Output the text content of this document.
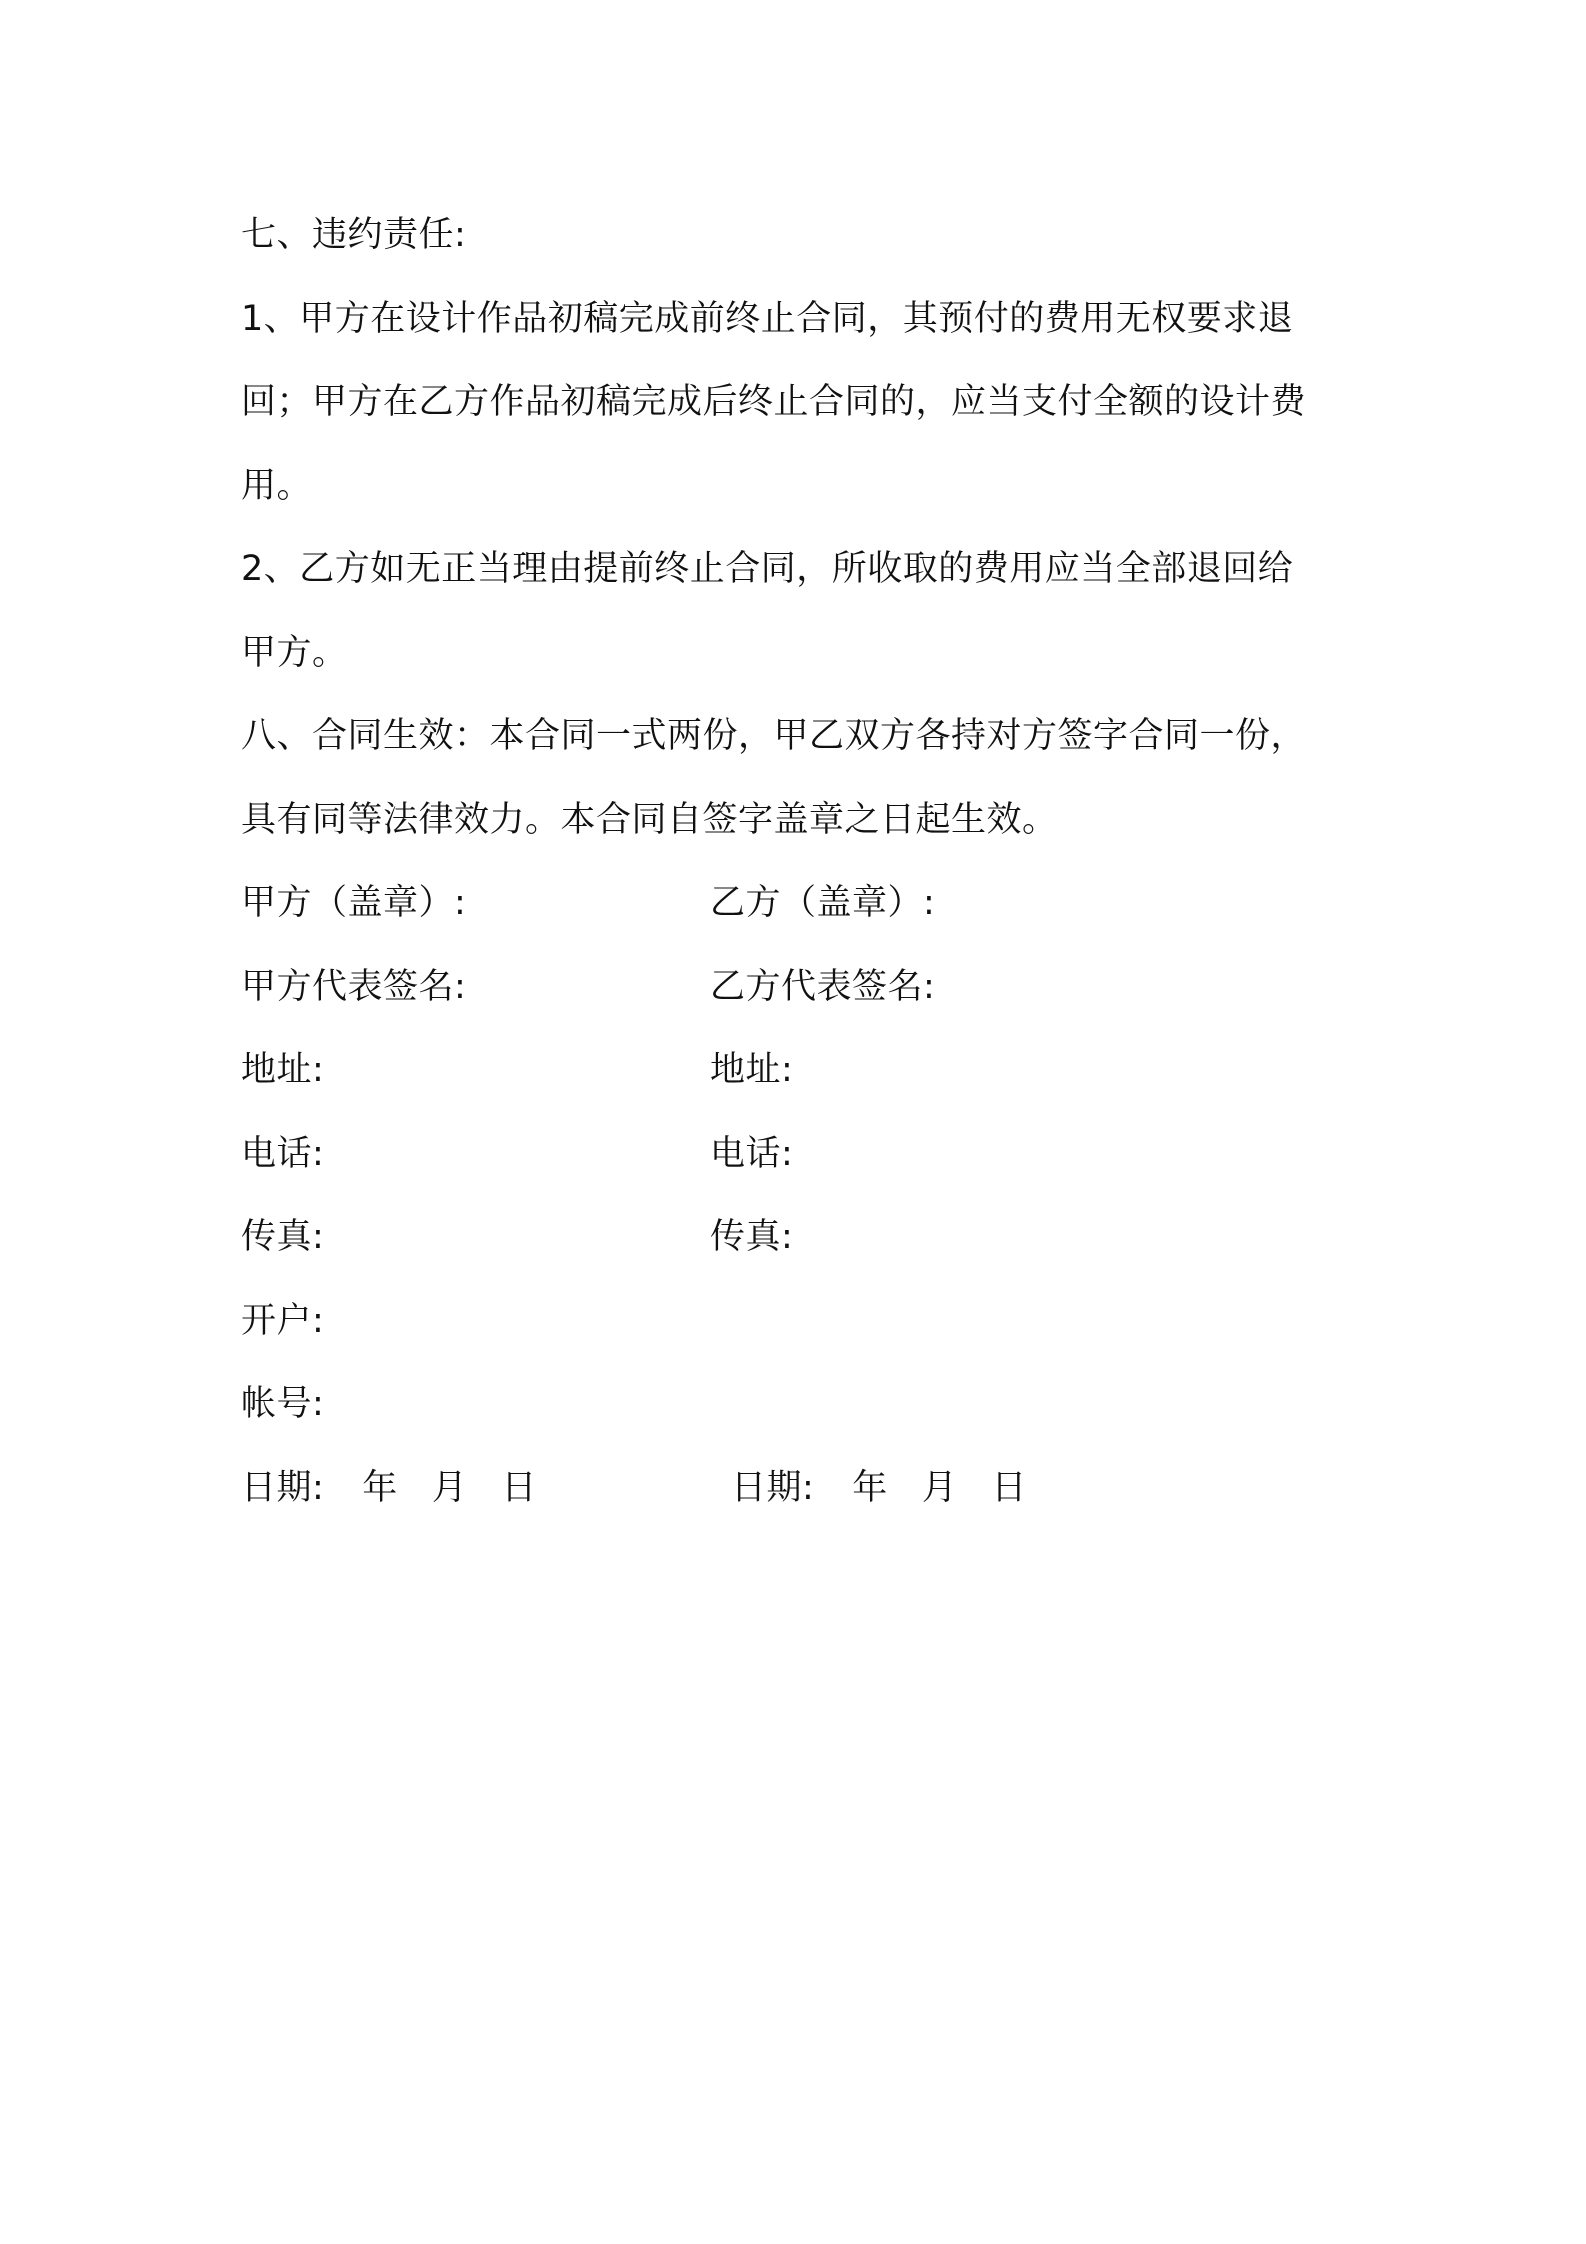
七、违约责任:
1、甲方在设计作品初稿完成前终止合同，其预付的费用无权要求退
回；甲方在乙方作品初稿完成后终止合同的，应当支付全额的设计费
用。
2、乙方如无正当理由提前终止合同，所收取的费用应当全部退回给
甲方。
八、合同生效：本合同一式两份，甲乙双方各持对方签字合同一份，
具有同等法律效力。本合同自签字盖章之日起生效。
甲方（盖章）:	乙方（盖章）:
甲方代表签名:	乙方代表签名:
地址:	地址:
电话:	电话:
传真:	传真:
开户:
帐号:
日期: 年 月 日	日期: 年 月 日
